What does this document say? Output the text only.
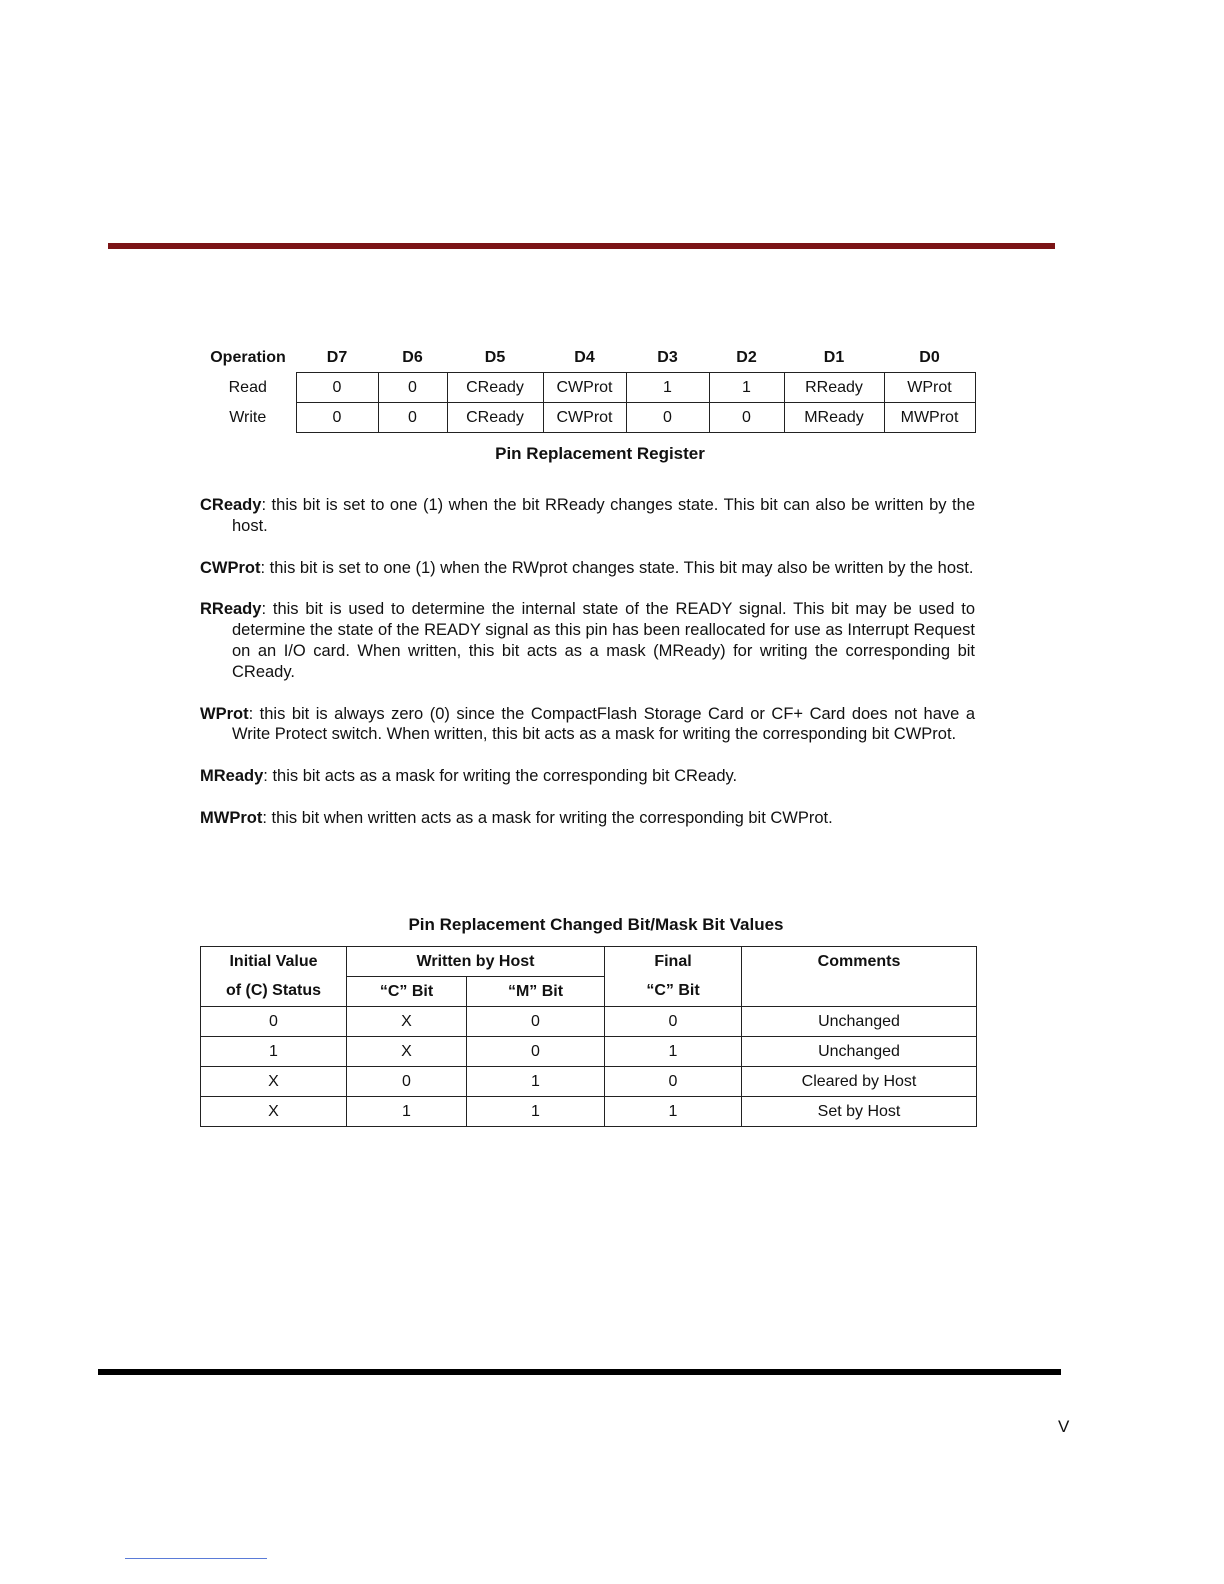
Operation	D7	D6	D5	D4	D3	D2	D1	D0
Read	0	0	CReady	CWProt	1	1	RReady	WProt
Write	0	0	CReady	CWProt	0	0	MReady	MWProt
Pin Replacement Register

CReady: this bit is set to one (1) when the bit RReady changes state. This bit can also be written by the host.

CWProt: this bit is set to one (1) when the RWprot changes state. This bit may also be written by the host.

RReady: this bit is used to determine the internal state of the READY signal. This bit may be used to determine the state of the READY signal as this pin has been reallocated for use as Interrupt Request on an I/O card. When written, this bit acts as a mask (MReady) for writing the corresponding bit CReady.

WProt: this bit is always zero (0) since the CompactFlash Storage Card or CF+ Card does not have a Write Protect switch. When written, this bit acts as a mask for writing the corresponding bit CWProt.

MReady: this bit acts as a mask for writing the corresponding bit CReady.

MWProt: this bit when written acts as a mask for writing the corresponding bit CWProt.

Pin Replacement Changed Bit/Mask Bit Values
Initial Value	Written by Host		Final	Comments
of (C) Status	“C” Bit	“M” Bit	“C” Bit	
0	X	0	0	Unchanged
1	X	0	1	Unchanged
X	0	1	0	Cleared by Host
X	1	1	1	Set by Host
V
